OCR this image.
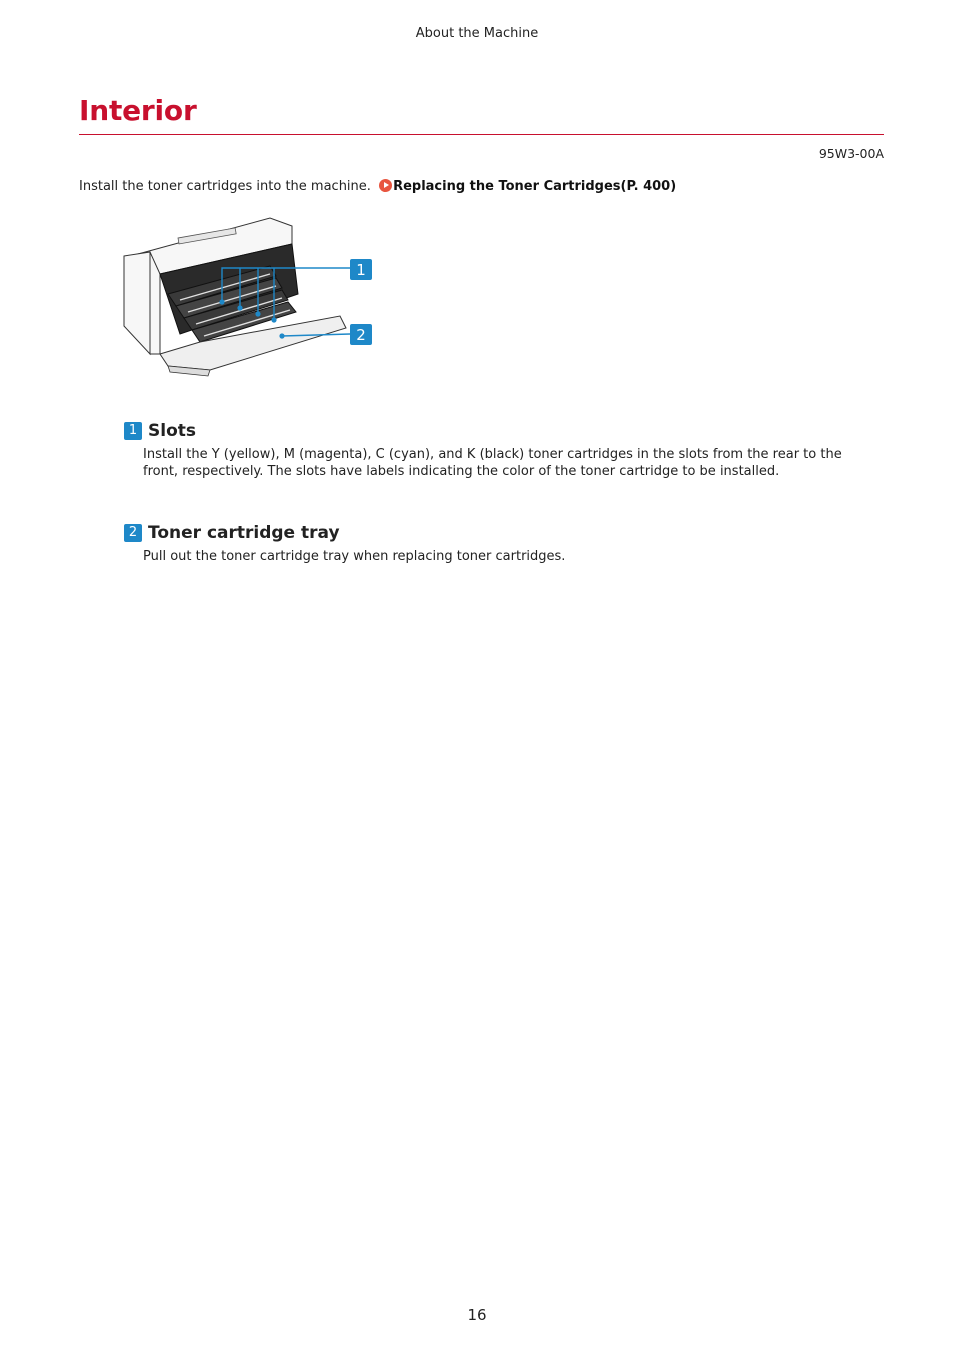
About the Machine
Interior
95W3-00A
Install the toner cartridges into the machine. Replacing the Toner Cartridges(P. 400)
1
2
1 Slots

Install the Y (yellow), M (magenta), C (cyan), and K (black) toner cartridges in the slots from the rear to the front, respectively. The slots have labels indicating the color of the toner cartridge to be installed.

2 Toner cartridge tray

Pull out the toner cartridge tray when replacing toner cartridges.

16
